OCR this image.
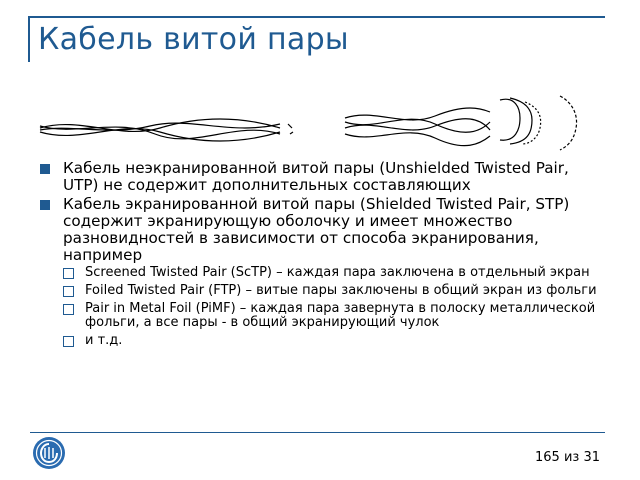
Кабель витой пары
Кабель неэкранированной витой пары (Unshielded Twisted Pair, UTP) не содержит дополнительных составляющих
Кабель экранированной витой пары (Shielded Twisted Pair, STP) содержит экранирующую оболочку и имеет множество разновидностей в зависимости от способа экранирования, например
Screened Twisted Pair (ScTP) – каждая пара заключена в отдельный экран
Foiled Twisted Pair (FTP) – витые пары заключены в общий экран из фольги
Pair in Metal Foil (PiMF) – каждая пара завернута в полоску металлической фольги, а все пары - в общий экранирующий чулок
и т.д.
165 из 31
